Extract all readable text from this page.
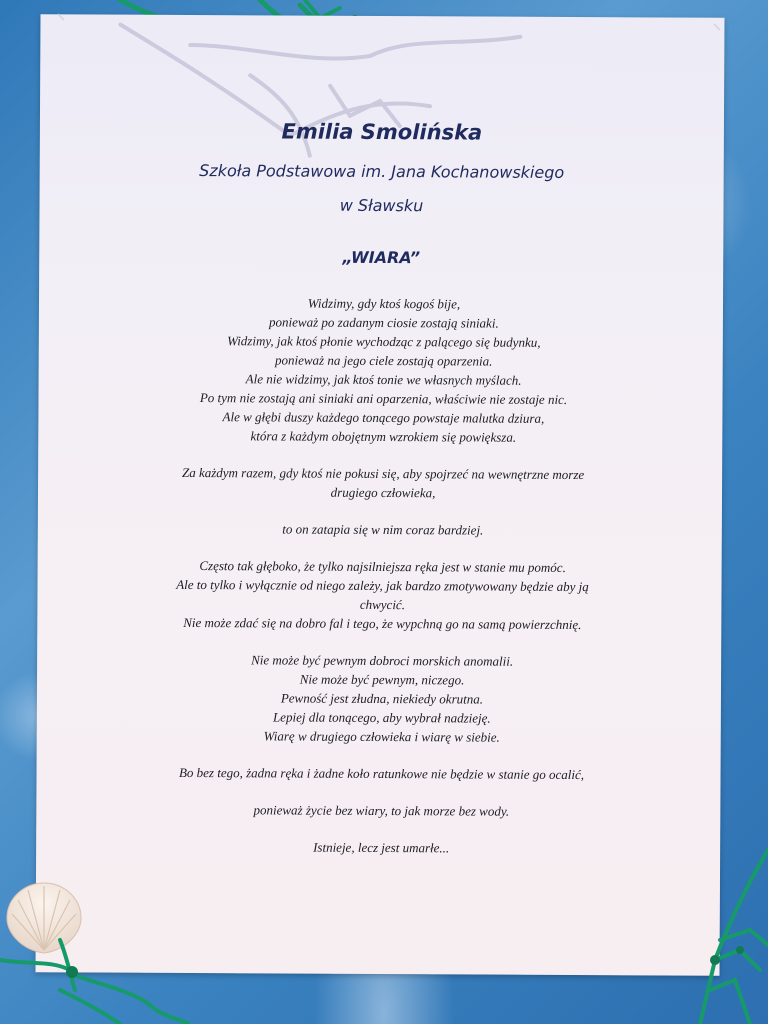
Emilia Smolińska
Szkoła Podstawowa im. Jana Kochanowskiego
w Sławsku
„WIARA”

Widzimy, gdy ktoś kogoś bije,

ponieważ po zadanym ciosie zostają siniaki.

Widzimy, jak ktoś płonie wychodząc z palącego się budynku,

ponieważ na jego ciele zostają oparzenia.

Ale nie widzimy, jak ktoś tonie we własnych myślach.

Po tym nie zostają ani siniaki ani oparzenia, właściwie nie zostaje nic.

Ale w głębi duszy każdego tonącego powstaje malutka dziura,

która z każdym obojętnym wzrokiem się powiększa.

Za każdym razem, gdy ktoś nie pokusi się, aby spojrzeć na wewnętrzne morze

drugiego człowieka,

to on zatapia się w nim coraz bardziej.

Często tak głęboko, że tylko najsilniejsza ręka jest w stanie mu pomóc.

Ale to tylko i wyłącznie od niego zależy, jak bardzo zmotywowany będzie aby ją

chwycić.

Nie może zdać się na dobro fal i tego, że wypchną go na samą powierzchnię.

Nie może być pewnym dobroci morskich anomalii.

Nie może być pewnym, niczego.

Pewność jest złudna, niekiedy okrutna.

Lepiej dla tonącego, aby wybrał nadzieję.

Wiarę w drugiego człowieka i wiarę w siebie.

Bo bez tego, żadna ręka i żadne koło ratunkowe nie będzie w stanie go ocalić,

ponieważ życie bez wiary, to jak morze bez wody.

Istnieje, lecz jest umarłe...
